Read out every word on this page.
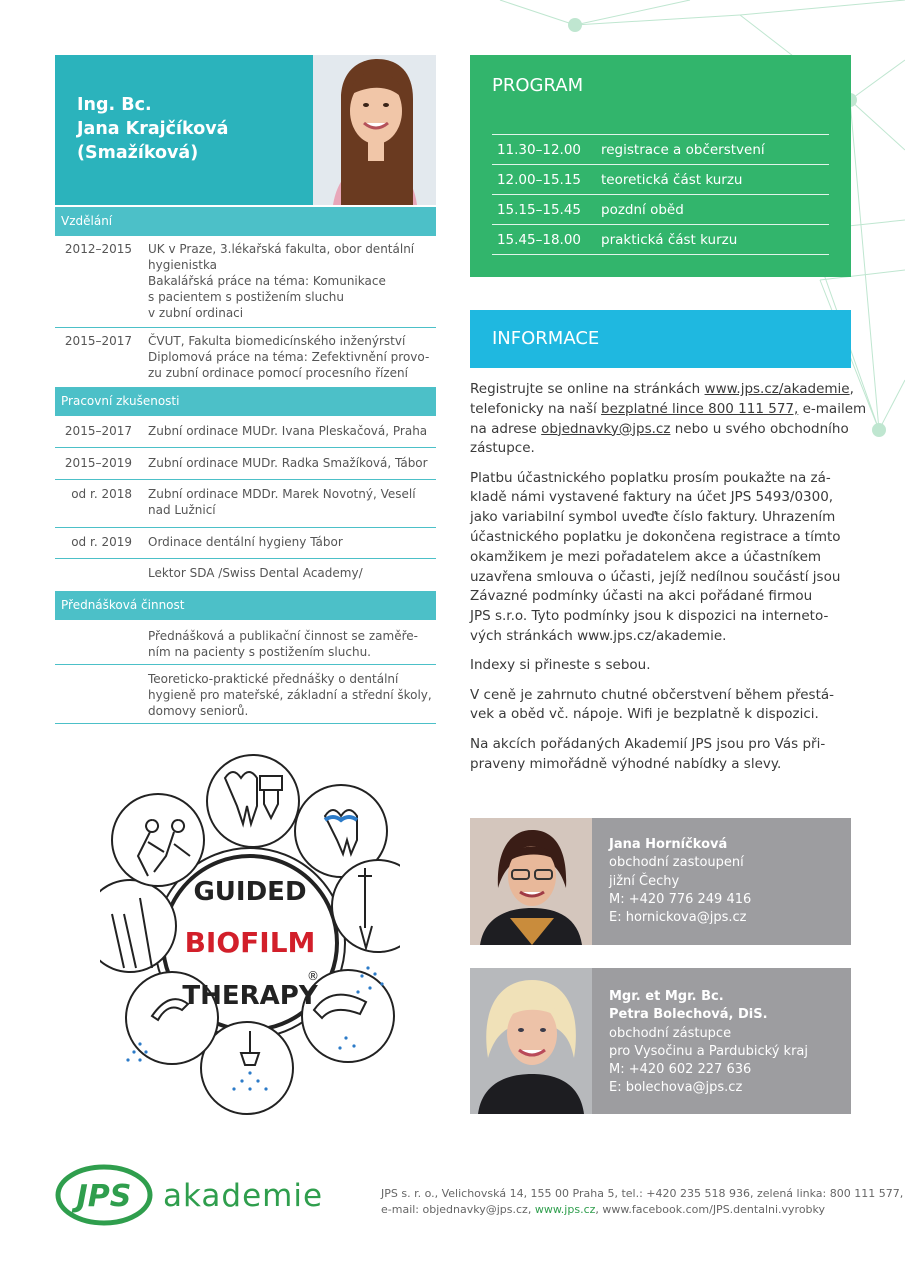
Ing. Bc.
Jana Krajčíková
(Smažíková)
Vzdělání
2012–2015 UK v Praze, 3.lékařská fakulta, obor dentální
hygienistka
Bakalářská práce na téma: Komunikace
s pacientem s postižením sluchu
v zubní ordinaci
2015–2017 ČVUT, Fakulta biomedicínského inženýrství
Diplomová práce na téma: Zefektivnění provo-
zu zubní ordinace pomocí procesního řízení
Pracovní zkušenosti
2015–2017 Zubní ordinace MUDr. Ivana Pleskačová, Praha
2015–2019 Zubní ordinace MUDr. Radka Smažíková, Tábor
od r. 2018 Zubní ordinace MDDr. Marek Novotný, Veselí
nad Lužnicí
od r. 2019 Ordinace dentální hygieny Tábor
Lektor SDA /Swiss Dental Academy/
Přednášková činnost
Přednášková a publikační činnost se zaměře-
ním na pacienty s postižením sluchu.
Teoreticko-praktické přednášky o dentální
hygieně pro mateřské, základní a střední školy,
domovy seniorů.
GUIDED
BIOFILM
THERAPY
®
PROGRAM
11.30–12.00 registrace a občerstvení
12.00–15.15 teoretická část kurzu
15.15–15.45 pozdní oběd
15.45–18.00 praktická část kurzu
INFORMACE

Registrujte se online na stránkách www.jps.cz/akademie,
telefonicky na naší bezplatné lince 800 111 577, e-mailem
na adrese objednavky@jps.cz nebo u svého obchodního
zástupce.

Platbu účastnického poplatku prosím poukažte na zá-
kladě námi vystavené faktury na účet JPS 5493/0300,
jako variabilní symbol uveďte číslo faktury. Uhrazením
účastnického poplatku je dokončena registrace a tímto
okamžikem je mezi pořadatelem akce a účastníkem
uzavřena smlouva o účasti, jejíž nedílnou součástí jsou
Závazné podmínky účasti na akci pořádané firmou
JPS s.r.o. Tyto podmínky jsou k dispozici na interneto-
vých stránkách www.jps.cz/akademie.

Indexy si přineste s sebou.

V ceně je zahrnuto chutné občerstvení během přestá-
vek a oběd vč. nápoje. Wifi je bezplatně k dispozici.

Na akcích pořádaných Akademií JPS jsou pro Vás při-
praveny mimořádně výhodné nabídky a slevy.

Jana Horníčková
obchodní zastoupení
jižní Čechy
M: +420 776 249 416
E: hornickova@jps.cz
Mgr. et Mgr. Bc.
Petra Bolechová, DiS.
obchodní zástupce
pro Vysočinu a Pardubický kraj
M: +420 602 227 636
E: bolechova@jps.cz
JPS akademie	JPS s. r. o., Velichovská 14, 155 00 Praha 5, tel.: +420 235 518 936, zelená linka: 800 111 577,
e-mail: objednavky@jps.cz, www.jps.cz, www.facebook.com/JPS.dentalni.vyrobky
